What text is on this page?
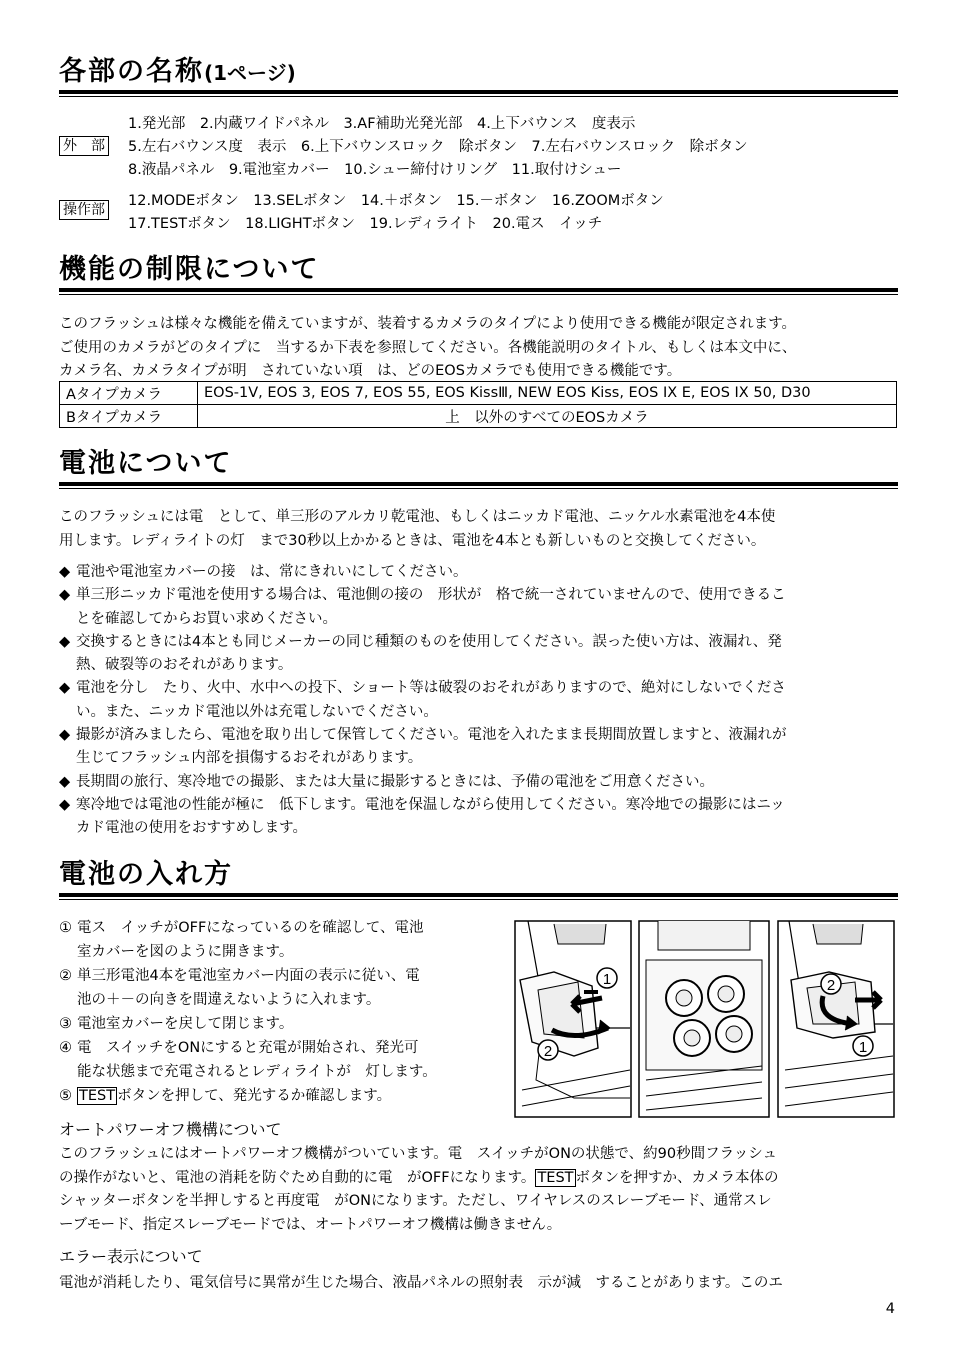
各部の名称(1ページ)
外　部
1.発光部　2.内蔵ワイドパネル　3.AF補助光発光部　4.上下バウンス　度表示
5.左右バウンス度　表示　6.上下バウンスロック　除ボタン　7.左右バウンスロック　除ボタン
8.液晶パネル　9.電池室カバー　10.シュー締付けリング　11.取付けシュー
操作部
12.MODEボタン　13.SELボタン　14.＋ボタン　15.－ボタン　16.ZOOMボタン
17.TESTボタン　18.LIGHTボタン　19.レディライト　20.電ス　イッチ
機能の制限について
このフラッシュは様々な機能を備えていますが、装着するカメラのタイプにより使用できる機能が限定されます。
ご使用のカメラがどのタイプに　当するか下表を参照してください。各機能説明のタイトル、もしくは本文中に、
カメラ名、カメラタイプが明　されていない項　は、どのEOSカメラでも使用できる機能です。
Aタイプカメラ	EOS-1V, EOS 3, EOS 7, EOS 55, EOS KissⅢ, NEW EOS Kiss, EOS IX E, EOS IX 50, D30
Bタイプカメラ	上　以外のすべてのEOSカメラ
電池について
このフラッシュには電　として、単三形のアルカリ乾電池、もしくはニッカド電池、ニッケル水素電池を4本使
用します。レディライトの灯　まで30秒以上かかるときは、電池を4本とも新しいものと交換してください。
◆ 電池や電池室カバーの接　は、常にきれいにしてください。
◆ 単三形ニッカド電池を使用する場合は、電池側の接の　形状が　格で統一されていませんので、使用できるこ
とを確認してからお買い求めください。
◆ 交換するときには4本とも同じメーカーの同じ種類のものを使用してください。誤った使い方は、液漏れ、発
熱、破裂等のおそれがあります。
◆ 電池を分し　たり、火中、水中への投下、ショート等は破裂のおそれがありますので、絶対にしないでくださ
い。また、ニッカド電池以外は充電しないでください。
◆ 撮影が済みましたら、電池を取り出して保管してください。電池を入れたまま長期間放置しますと、液漏れが
生じてフラッシュ内部を損傷するおそれがあります。
◆ 長期間の旅行、寒冷地での撮影、または大量に撮影するときには、予備の電池をご用意ください。
◆ 寒冷地では電池の性能が極に　低下します。電池を保温しながら使用してください。寒冷地での撮影にはニッ
カド電池の使用をおすすめします。
電池の入れ方
① 電ス　イッチがOFFになっているのを確認して、電池
室カバーを図のように開きます。
② 単三形電池4本を電池室カバー内面の表示に従い、電
池の＋－の向きを間違えないように入れます。
③ 電池室カバーを戻して閉じます。
④ 電　スイッチをONにすると充電が開始され、発光可
能な状態まで充電されるとレディライトが　灯します。
⑤ TEST ボタンを押して、発光するか確認します。
1
2
2
1
オートパワーオフ機構について
このフラッシュにはオートパワーオフ機構がついています。電　スイッチがONの状態で、約90秒間フラッシュ
の操作がないと、電池の消耗を防ぐため自動的に電　がOFFになります。 TEST ボタンを押すか、カメラ本体の
シャッターボタンを半押しすると再度電　がONになります。ただし、ワイヤレスのスレーブモード、通常スレ
ーブモード、指定スレーブモードでは、オートパワーオフ機構は働きません。
エラー表示について
電池が消耗したり、電気信号に異常が生じた場合、液晶パネルの照射表　示が減　することがあります。このエ
4
